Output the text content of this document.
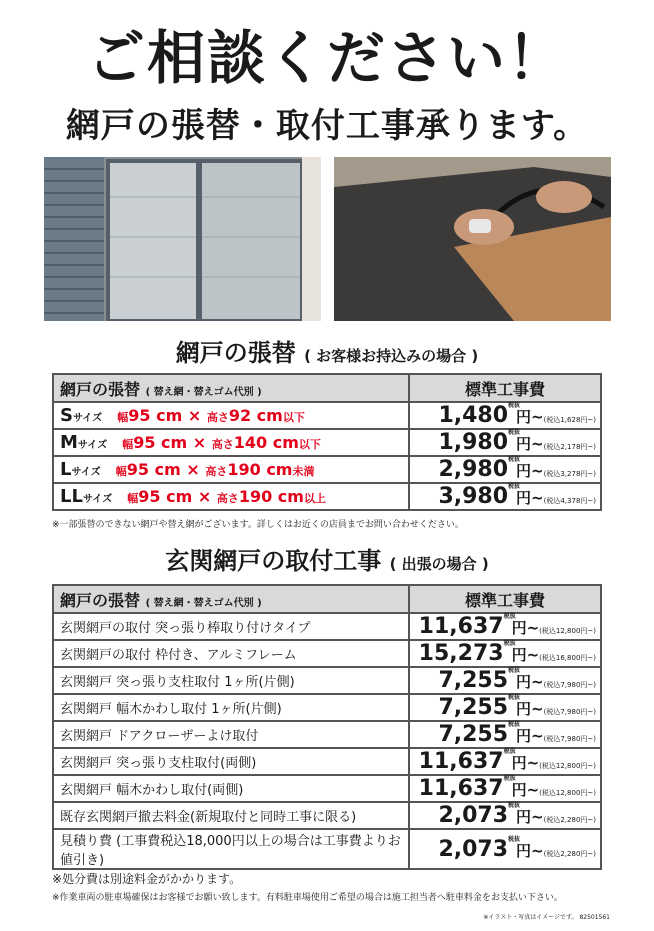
ご相談ください！
網戸の張替・取付工事承ります。
網戸の張替 ( お客様お持込みの場合 )
網戸の張替 ( 替え網・替えゴム代別 )	標準工事費
Sサイズ 幅95 cm × 高さ92 cm以下	1,480税抜円~(税込1,628円~)
Mサイズ 幅95 cm × 高さ140 cm以下	1,980税抜円~(税込2,178円~)
Lサイズ 幅95 cm × 高さ190 cm未満	2,980税抜円~(税込3,278円~)
LLサイズ 幅95 cm × 高さ190 cm以上	3,980税抜円~(税込4,378円~)
※一部張替のできない網戸や替え網がございます。詳しくはお近くの店員までお問い合わせください。
玄関網戸の取付工事 ( 出張の場合 )
網戸の張替 ( 替え網・替えゴム代別 )	標準工事費
玄関網戸の取付 突っ張り棒取り付けタイプ	11,637税抜円~(税込12,800円~)
玄関網戸の取付 枠付き、アルミフレーム	15,273税抜円~(税込16,800円~)
玄関網戸 突っ張り支柱取付 1ヶ所(片側)	7,255税抜円~(税込7,980円~)
玄関網戸 幅木かわし取付 1ヶ所(片側)	7,255税抜円~(税込7,980円~)
玄関網戸 ドアクローザーよけ取付	7,255税抜円~(税込7,980円~)
玄関網戸 突っ張り支柱取付(両側)	11,637税抜円~(税込12,800円~)
玄関網戸 幅木かわし取付(両側)	11,637税抜円~(税込12,800円~)
既存玄関網戸撤去料金(新規取付と同時工事に限る)	2,073税抜円~(税込2,280円~)
見積り費 (工事費税込18,000円以上の場合は工事費よりお値引き)	2,073税抜円~(税込2,280円~)
※処分費は別途料金がかかります。
※作業車両の駐車場確保はお客様でお願い致します。有料駐車場使用ご希望の場合は施工担当者へ駐車料金をお支払い下さい。
※イラスト・写真はイメージです。 82501561
